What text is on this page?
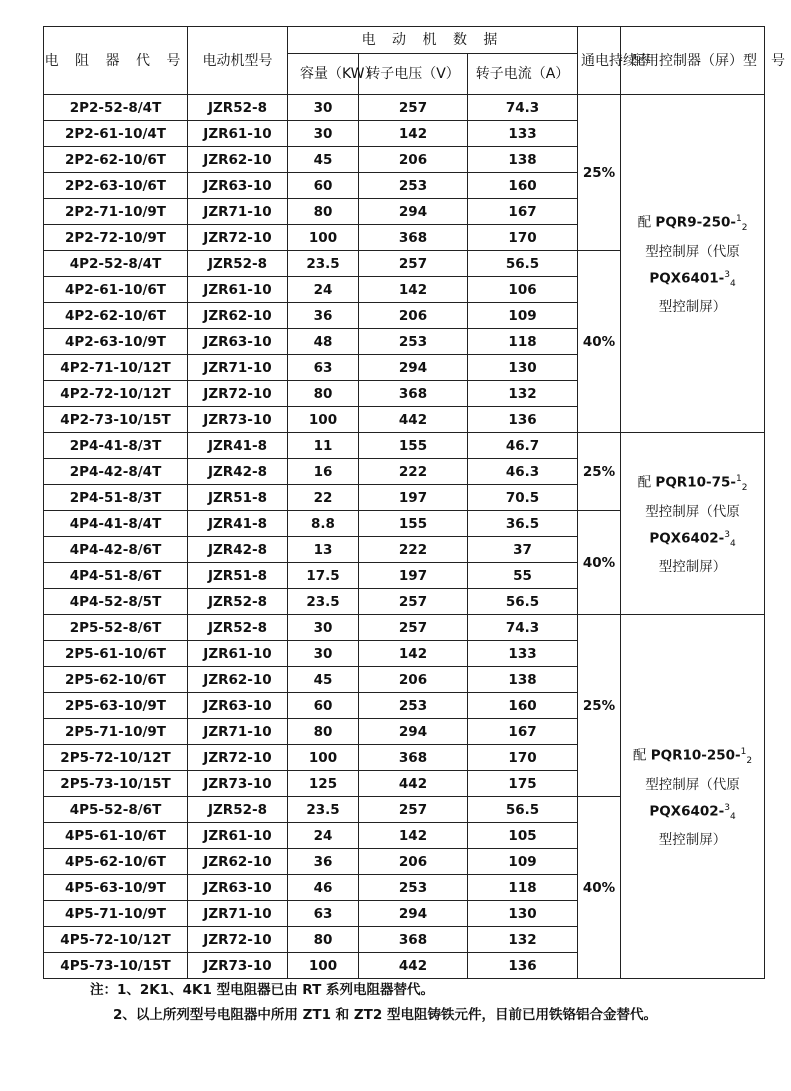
电 阻 器 代 号	电动机型号	电 动 机 数 据			通电持续率	配用控制器（屏）型　号
		容量（KW）	转子电压（V）	转子电流（A）		
2P2-52-8/4T	JZR52-8	30	257	74.3	25%	配 PQR9-250-$^1_2$
型控制屏（代原
PQX6401-$^3_4$
型控制屏）

2P2-61-10/4T	JZR61-10	30	142	133		
2P2-62-10/6T	JZR62-10	45	206	138		
2P2-63-10/6T	JZR63-10	60	253	160		
2P2-71-10/9T	JZR71-10	80	294	167		
2P2-72-10/9T	JZR72-10	100	368	170		
4P2-52-8/4T	JZR52-8	23.5	257	56.5	40%	
4P2-61-10/6T	JZR61-10	24	142	106		
4P2-62-10/6T	JZR62-10	36	206	109		
4P2-63-10/9T	JZR63-10	48	253	118		
4P2-71-10/12T	JZR71-10	63	294	130		
4P2-72-10/12T	JZR72-10	80	368	132		
4P2-73-10/15T	JZR73-10	100	442	136		
2P4-41-8/3T	JZR41-8	11	155	46.7	25%	配 PQR10-75-$^1_2$
型控制屏（代原
PQX6402-$^3_4$
型控制屏）

2P4-42-8/4T	JZR42-8	16	222	46.3		
2P4-51-8/3T	JZR51-8	22	197	70.5		
4P4-41-8/4T	JZR41-8	8.8	155	36.5	40%	
4P4-42-8/6T	JZR42-8	13	222	37		
4P4-51-8/6T	JZR51-8	17.5	197	55		
4P4-52-8/5T	JZR52-8	23.5	257	56.5		
2P5-52-8/6T	JZR52-8	30	257	74.3	25%	配 PQR10-250-$^1_2$
型控制屏（代原
PQX6402-$^3_4$
型控制屏）

2P5-61-10/6T	JZR61-10	30	142	133		
2P5-62-10/6T	JZR62-10	45	206	138		
2P5-63-10/9T	JZR63-10	60	253	160		
2P5-71-10/9T	JZR71-10	80	294	167		
2P5-72-10/12T	JZR72-10	100	368	170		
2P5-73-10/15T	JZR73-10	125	442	175		
4P5-52-8/6T	JZR52-8	23.5	257	56.5	40%	
4P5-61-10/6T	JZR61-10	24	142	105		
4P5-62-10/6T	JZR62-10	36	206	109		
4P5-63-10/9T	JZR63-10	46	253	118		
4P5-71-10/9T	JZR71-10	63	294	130		
4P5-72-10/12T	JZR72-10	80	368	132		
4P5-73-10/15T	JZR73-10	100	442	136		
注：1、2K1、4K1 型电阻器已由 RT 系列电阻器替代。
2、以上所列型号电阻器中所用 ZT1 和 ZT2 型电阻铸铁元件，目前已用铁铬铝合金替代。
